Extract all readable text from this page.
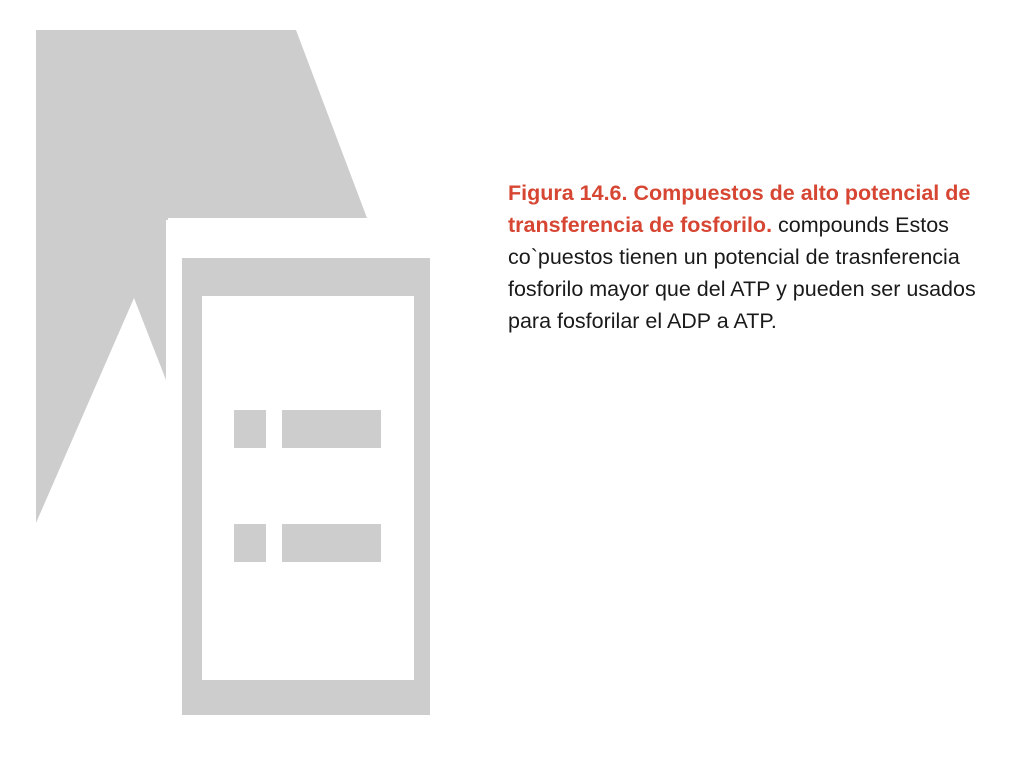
Figura 14.6. Compuestos de alto potencial de transferencia de fosforilo. compounds Estos co`puestos tienen un potencial de trasnferencia fosforilo mayor que del ATP y pueden ser usados para fosforilar el ADP a ATP.
